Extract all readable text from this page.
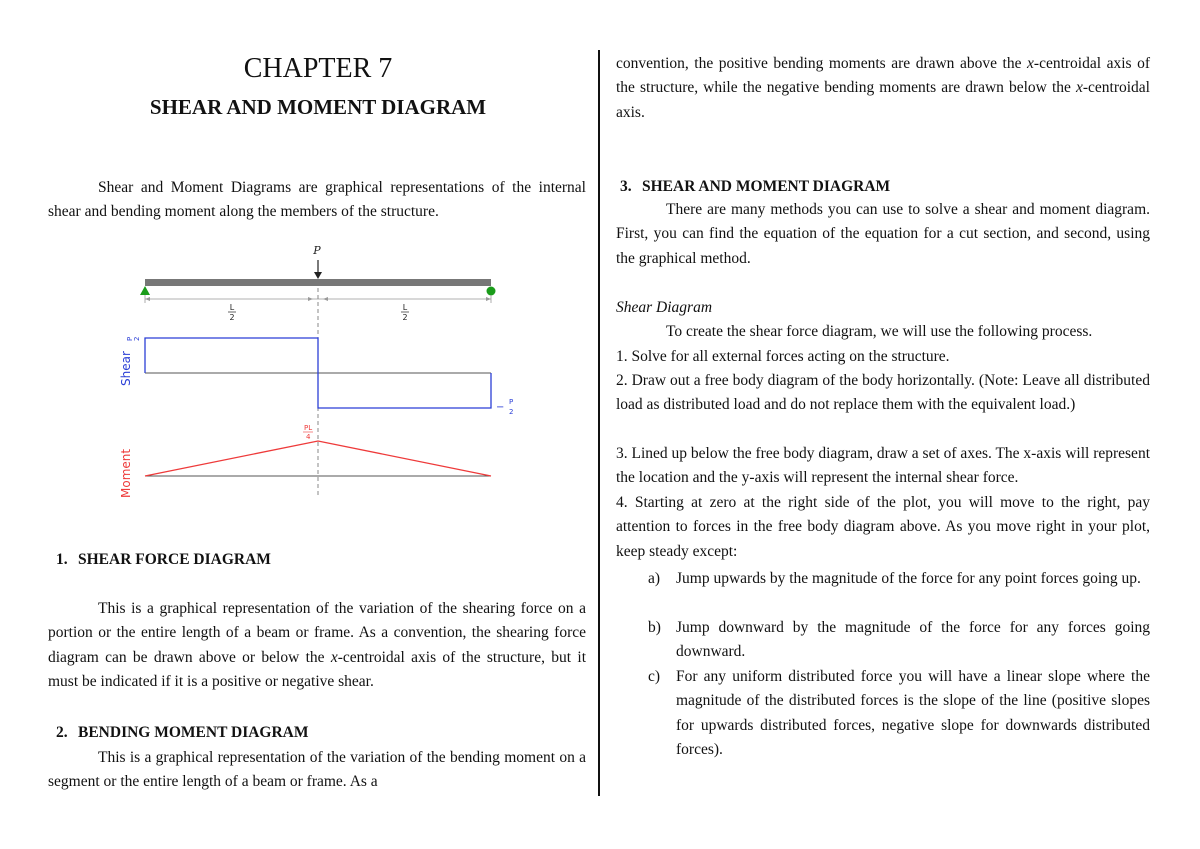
CHAPTER 7
SHEAR AND MOMENT DIAGRAM

Shear and Moment Diagrams are graphical representations of the internal shear and bending moment along the members of the structure.

P
L
2
L
2
Shear
P 2
− P
2
Moment
PL
4
1. SHEAR FORCE DIAGRAM

This is a graphical representation of the variation of the shearing force on a portion or the entire length of a beam or frame. As a convention, the shearing force diagram can be drawn above or below the x-centroidal axis of the structure, but it must be indicated if it is a positive or negative shear.

2. BENDING MOMENT DIAGRAM

This is a graphical representation of the variation of the bending moment on a segment or the entire length of a beam or frame. As a

convention, the positive bending moments are drawn above the x-centroidal axis of the structure, while the negative bending moments are drawn below the x-centroidal axis.

3. SHEAR AND MOMENT DIAGRAM

There are many methods you can use to solve a shear and moment diagram. First, you can find the equation of the equation for a cut section, and second, using the graphical method.

Shear Diagram

To create the shear force diagram, we will use the following process.

1. Solve for all external forces acting on the structure.

2. Draw out a free body diagram of the body horizontally. (Note: Leave all distributed load as distributed load and do not replace them with the equivalent load.)

3. Lined up below the free body diagram, draw a set of axes. The x-axis will represent the location and the y-axis will represent the internal shear force.

4. Starting at zero at the right side of the plot, you will move to the right, pay attention to forces in the free body diagram above. As you move right in your plot, keep steady except:

a) Jump upwards by the magnitude of the force for any point forces going up.
b) Jump downward by the magnitude of the force for any forces going downward.
c) For any uniform distributed force you will have a linear slope where the magnitude of the distributed forces is the slope of the line (positive slopes for upwards distributed forces, negative slope for downwards distributed forces).
